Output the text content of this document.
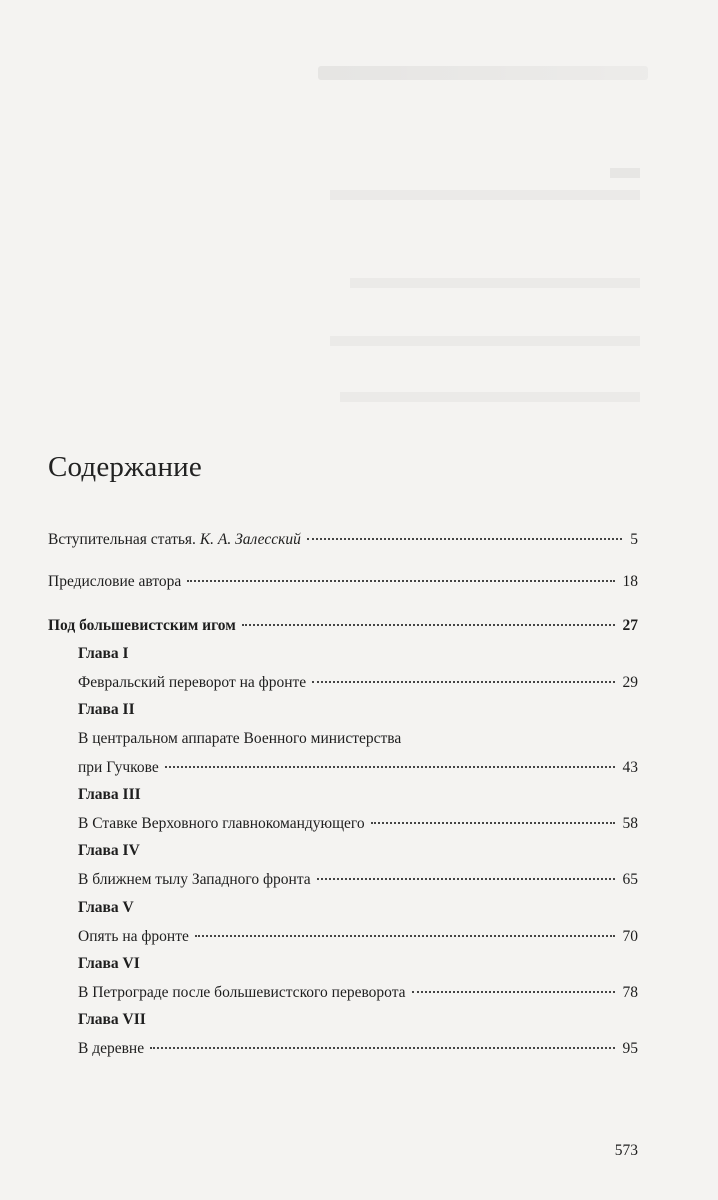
Содержание
Вступительная статья. К. А. Залесский	5
Предисловие автора	18
Под большевистским игом	27
Глава I
Февральский переворот на фронте	29
Глава II
В центральном аппарате Военного министерства
при Гучкове	43
Глава III
В Ставке Верховного главнокомандующего	58
Глава IV
В ближнем тылу Западного фронта	65
Глава V
Опять на фронте	70
Глава VI
В Петрограде после большевистского переворота	78
Глава VII
В деревне	95
573
